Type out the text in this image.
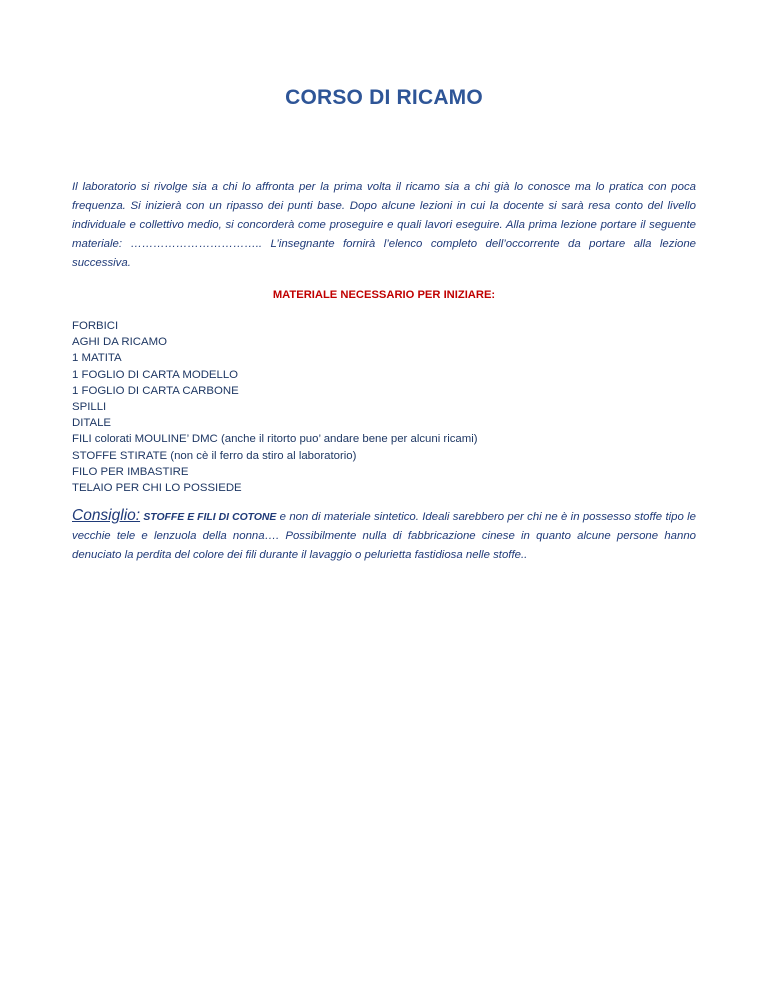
CORSO DI RICAMO

Il laboratorio si rivolge sia a chi lo affronta per la prima volta il ricamo sia a chi già lo conosce ma lo pratica con poca frequenza. Si inizierà con un ripasso dei punti base. Dopo alcune lezioni in cui la docente si sarà resa conto del livello individuale e collettivo medio, si concorderà come proseguire e quali lavori eseguire. Alla prima lezione portare il seguente materiale: …………………………….. L’insegnante fornirà l’elenco completo dell’occorrente da portare alla lezione successiva.

MATERIALE NECESSARIO PER INIZIARE:
FORBICI
AGHI DA RICAMO
1 MATITA
1 FOGLIO DI CARTA MODELLO
1 FOGLIO DI CARTA CARBONE
SPILLI
DITALE
FILI colorati MOULINE’ DMC (anche il ritorto puo’ andare bene per alcuni ricami)
STOFFE STIRATE (non cè il ferro da stiro al laboratorio)
FILO PER IMBASTIRE
TELAIO PER CHI LO POSSIEDE

Consiglio: STOFFE E FILI DI COTONE e non di materiale sintetico. Ideali sarebbero per chi ne è in possesso stoffe tipo le vecchie tele e lenzuola della nonna…. Possibilmente nulla di fabbricazione cinese in quanto alcune persone hanno denuciato la perdita del colore dei fili durante il lavaggio o pelurietta fastidiosa nelle stoffe..
